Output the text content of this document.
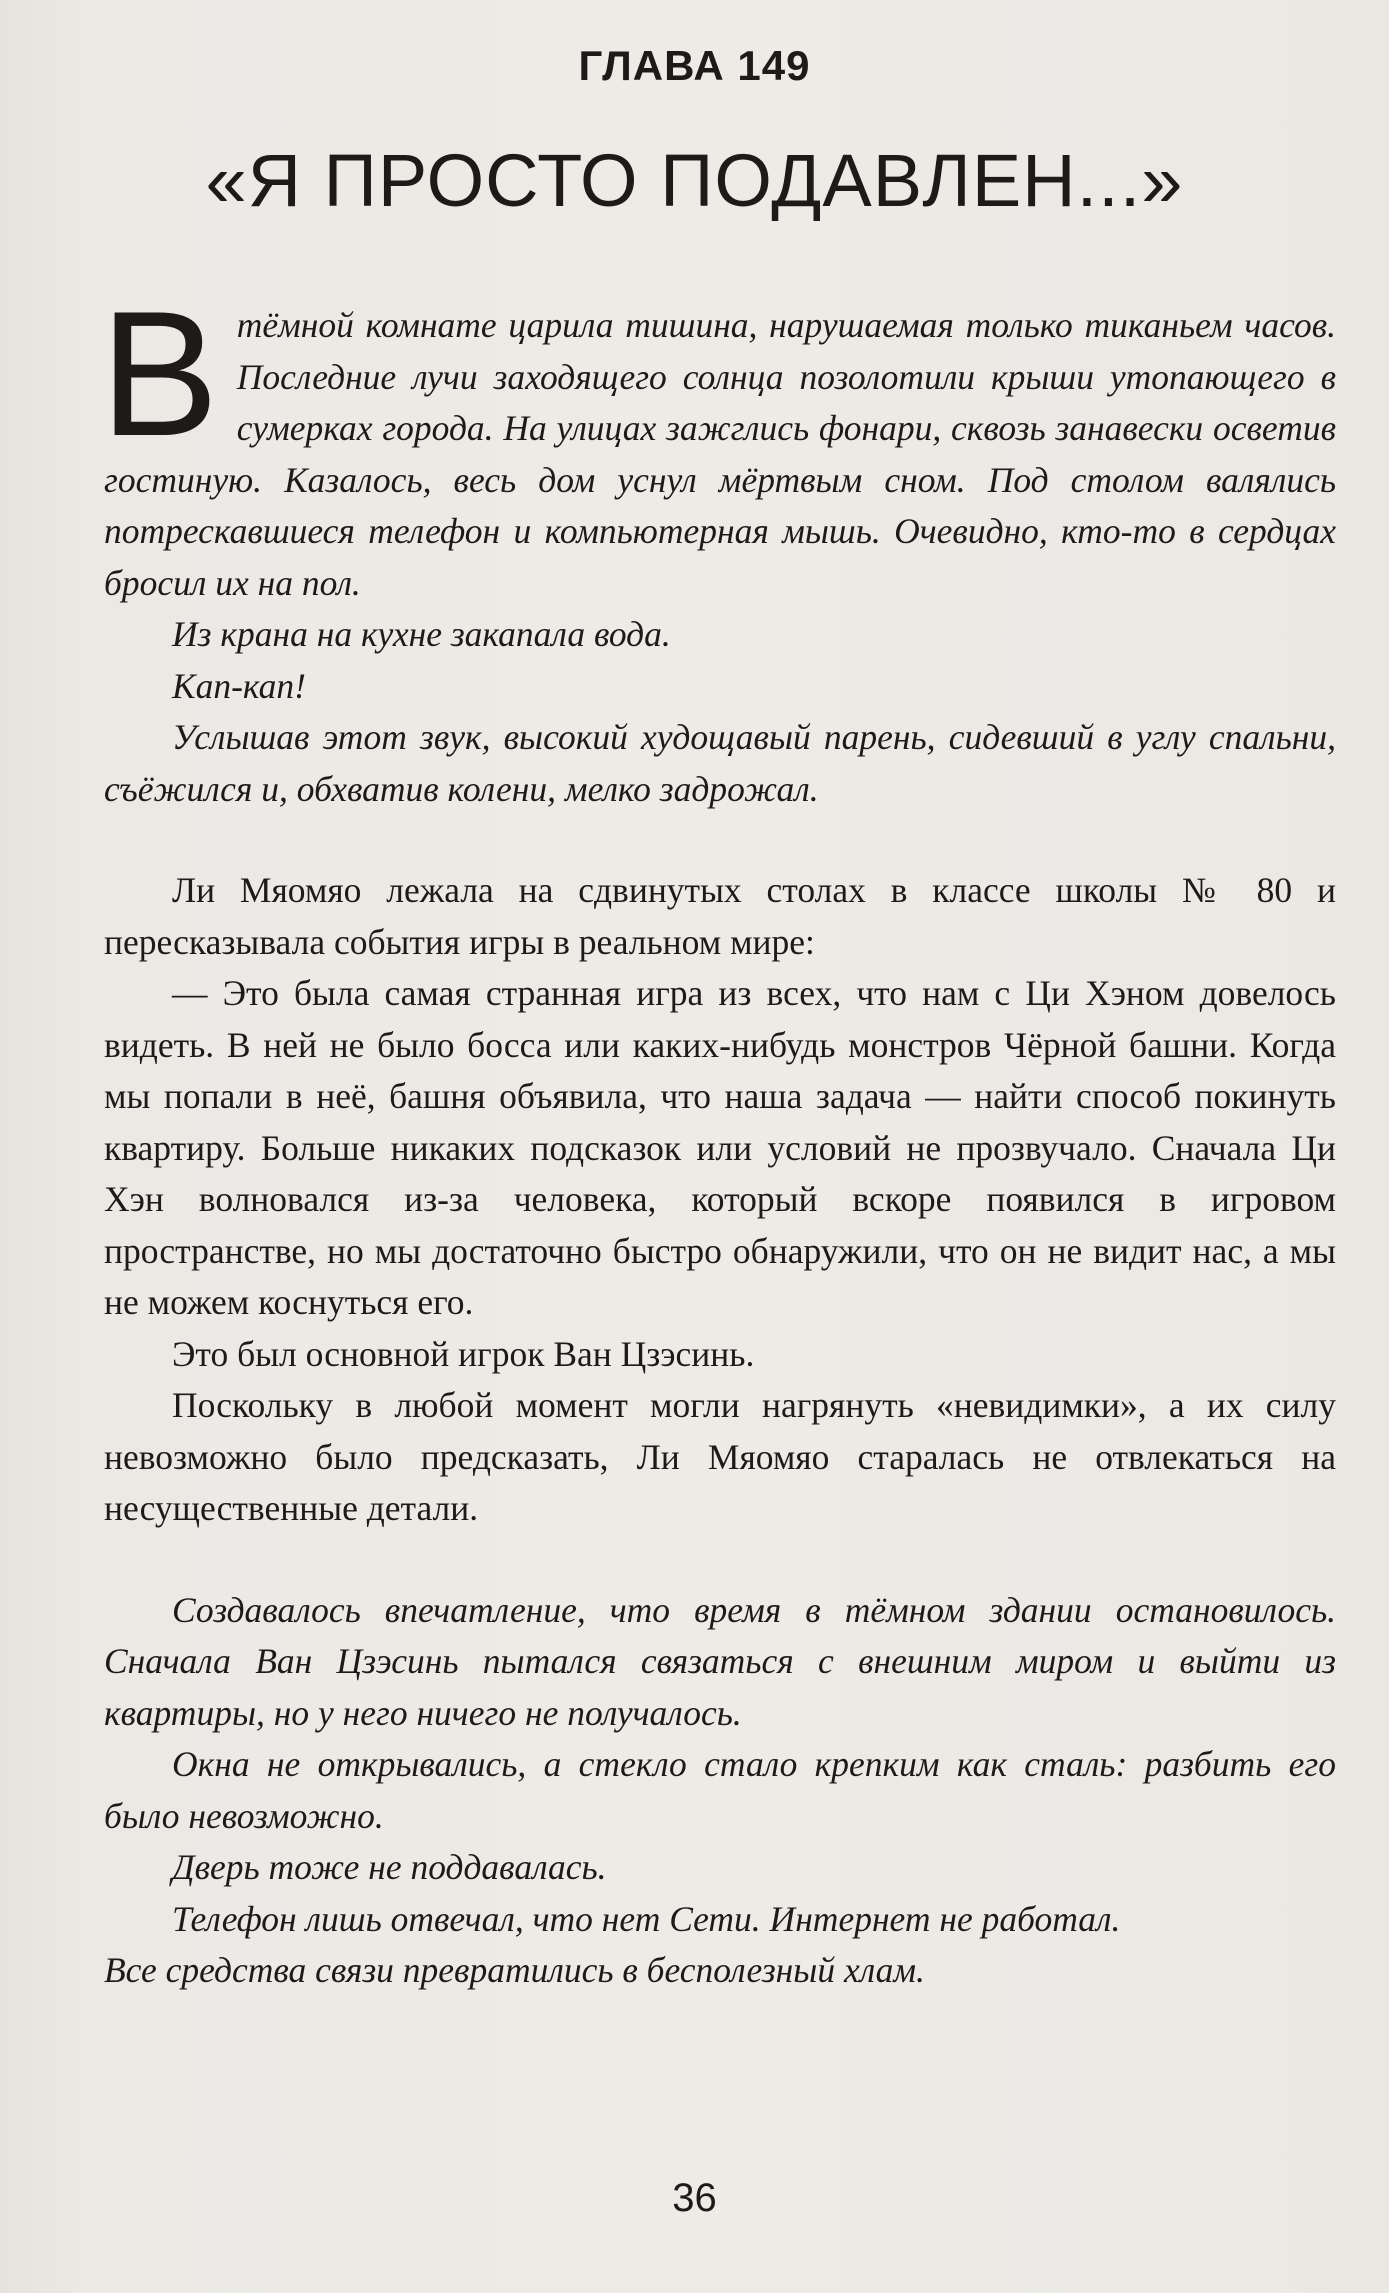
ГЛАВА 149
«Я ПРОСТО ПОДАВЛЕН...»

Втёмной комнате царила тишина, нарушаемая только тиканьем часов. Последние лучи заходящего солнца позолотили крыши утопающего в сумерках города. На улицах зажглись фонари, сквозь занавески осветив гостиную. Казалось, весь дом уснул мёртвым сном. Под столом валялись потрескавшиеся телефон и компьютерная мышь. Очевидно, кто-то в сердцах бросил их на пол.

Из крана на кухне закапала вода.

Кап-кап!

Услышав этот звук, высокий худощавый парень, сидевший в углу спальни, съёжился и, обхватив колени, мелко задрожал.

Ли Мяомяо лежала на сдвинутых столах в классе школы № 80 и пересказывала события игры в реальном мире:

— Это была самая странная игра из всех, что нам с Ци Хэном довелось видеть. В ней не было босса или каких-нибудь монстров Чёрной башни. Когда мы попали в неё, башня объявила, что наша задача — найти способ покинуть квартиру. Больше никаких подсказок или условий не прозвучало. Сначала Ци Хэн волновался из-за человека, который вскоре появился в игровом пространстве, но мы достаточно быстро обнаружили, что он не видит нас, а мы не можем коснуться его.

Это был основной игрок Ван Цзэсинь.

Поскольку в любой момент могли нагрянуть «невидимки», а их силу невозможно было предсказать, Ли Мяомяо старалась не отвлекаться на несущественные детали.

Создавалось впечатление, что время в тёмном здании остановилось. Сначала Ван Цзэсинь пытался связаться с внешним миром и выйти из квартиры, но у него ничего не получалось.

Окна не открывались, а стекло стало крепким как сталь: разбить его было невозможно.

Дверь тоже не поддавалась.

Телефон лишь отвечал, что нет Сети. Интернет не работал.

Все средства связи превратились в бесполезный хлам.

36
